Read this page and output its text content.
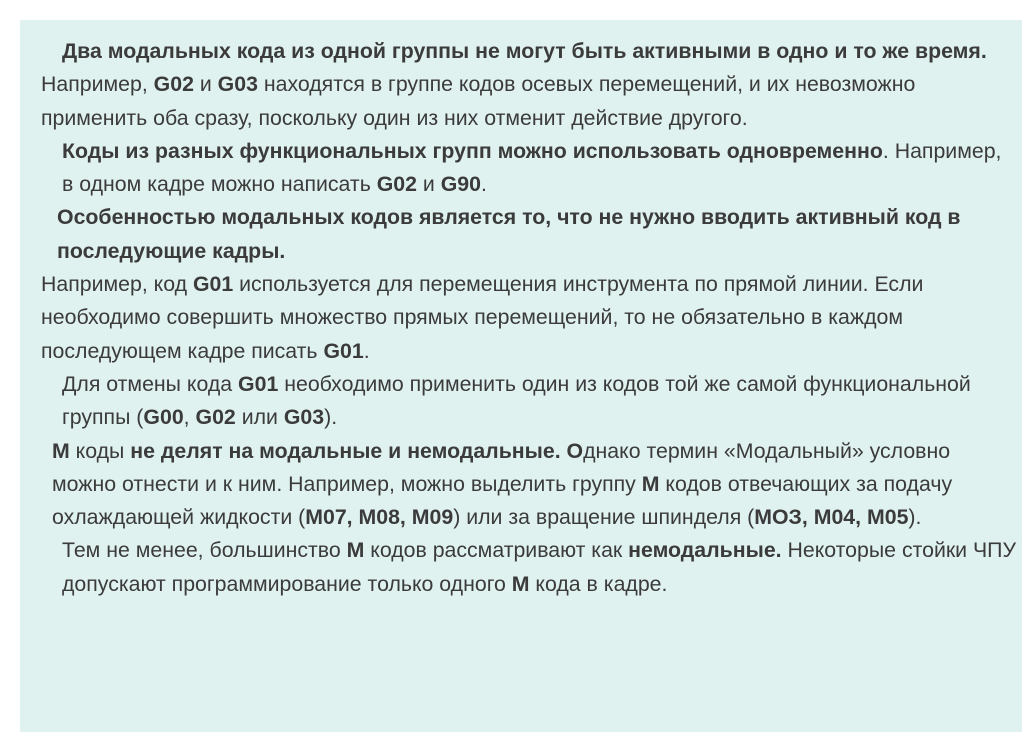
Два модальных кода из одной группы не могут быть активными в одно и то же время.

Например, G02 и G03 находятся в группе кодов осевых перемещений, и их невозможно применить оба сразу, поскольку один из них отменит действие другого.

Коды из разных функциональных групп можно использовать одновременно. Например, в одном кадре можно написать G02 и G90.

Особенностью модальных кодов является то, что не нужно вводить активный код в последующие кадры.

Например, код G01 используется для перемещения инструмента по прямой линии. Если необходимо совершить множество прямых перемещений, то не обязательно в каждом последующем кадре писать G01.

Для отмены кода G01 необходимо применить один из кодов той же самой функциональной группы (G00, G02 или G03).

М коды не делят на модальные и немодальные. Однако термин «Модальный» условно можно отнести и к ним. Например, можно выделить группу М кодов отвечающих за подачу охлаждающей жидкости (М07, М08, М09) или за вращение шпинделя (МОЗ, М04, М05).

Тем не менее, большинство М кодов рассматривают как немодальные. Некоторые стойки ЧПУ допускают программирование только одного М кода в кадре.
